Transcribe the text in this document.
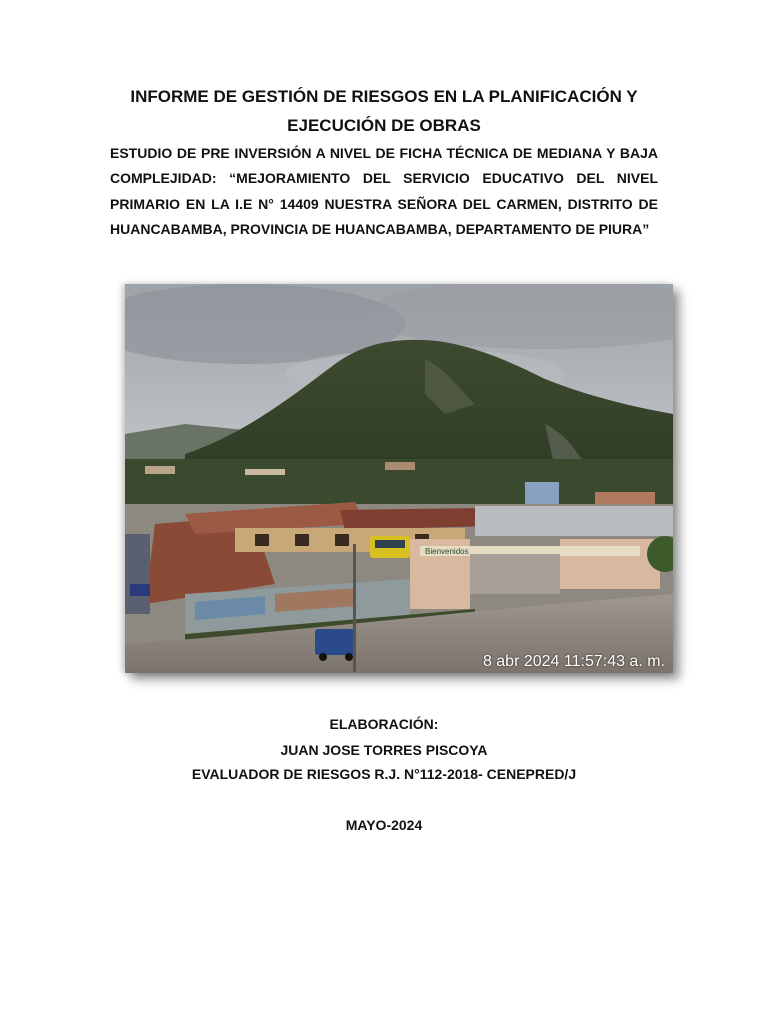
INFORME DE GESTIÓN DE RIESGOS EN LA PLANIFICACIÓN Y
EJECUCIÓN DE OBRAS
ESTUDIO DE PRE INVERSIÓN A NIVEL DE FICHA TÉCNICA DE MEDIANA Y BAJA COMPLEJIDAD: “MEJORAMIENTO DEL SERVICIO EDUCATIVO DEL NIVEL PRIMARIO EN LA I.E N° 14409 NUESTRA SEÑORA DEL CARMEN, DISTRITO DE HUANCABAMBA, PROVINCIA DE HUANCABAMBA, DEPARTAMENTO DE PIURA”
Bienvenidos
8 abr 2024 11:57:43 a. m.
ELABORACIÓN:
JUAN JOSE TORRES PISCOYA
EVALUADOR DE RIESGOS R.J. N°112-2018- CENEPRED/J
MAYO-2024
